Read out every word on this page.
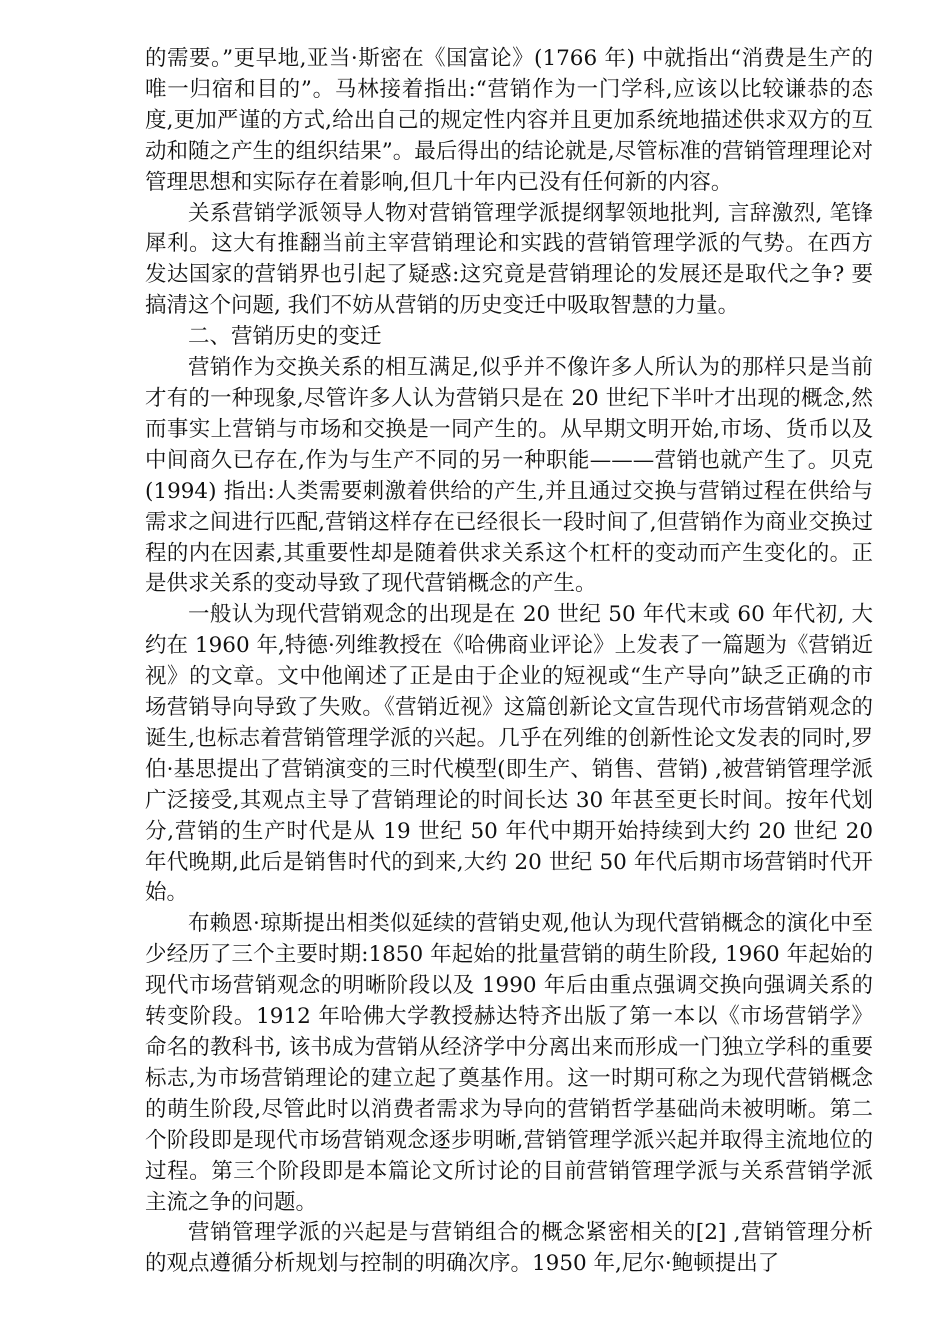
的需要。”更早地,亚当·斯密在《国富论》(1766 年) 中就指出“消费是生产的唯一归宿和目的”。马林接着指出:“营销作为一门学科,应该以比较谦恭的态度,更加严谨的方式,给出自己的规定性内容并且更加系统地描述供求双方的互动和随之产生的组织结果”。最后得出的结论就是,尽管标准的营销管理理论对管理思想和实际存在着影响,但几十年内已没有任何新的内容。

关系营销学派领导人物对营销管理学派提纲挈领地批判, 言辞激烈, 笔锋犀利。这大有推翻当前主宰营销理论和实践的营销管理学派的气势。在西方发达国家的营销界也引起了疑惑:这究竟是营销理论的发展还是取代之争? 要搞清这个问题, 我们不妨从营销的历史变迁中吸取智慧的力量。

二、营销历史的变迁

营销作为交换关系的相互满足,似乎并不像许多人所认为的那样只是当前才有的一种现象,尽管许多人认为营销只是在 20 世纪下半叶才出现的概念,然而事实上营销与市场和交换是一同产生的。从早期文明开始,市场、货币以及中间商久已存在,作为与生产不同的另一种职能———营销也就产生了。贝克(1994) 指出:人类需要刺激着供给的产生,并且通过交换与营销过程在供给与需求之间进行匹配,营销这样存在已经很长一段时间了,但营销作为商业交换过程的内在因素,其重要性却是随着供求关系这个杠杆的变动而产生变化的。正是供求关系的变动导致了现代营销概念的产生。

一般认为现代营销观念的出现是在 20 世纪 50 年代末或 60 年代初, 大约在 1960 年,特德·列维教授在《哈佛商业评论》上发表了一篇题为《营销近视》的文章。文中他阐述了正是由于企业的短视或“生产导向”缺乏正确的市场营销导向导致了失败。《营销近视》这篇创新论文宣告现代市场营销观念的诞生,也标志着营销管理学派的兴起。几乎在列维的创新性论文发表的同时,罗伯·基思提出了营销演变的三时代模型(即生产、销售、营销) ,被营销管理学派广泛接受,其观点主导了营销理论的时间长达 30 年甚至更长时间。按年代划分,营销的生产时代是从 19 世纪 50 年代中期开始持续到大约 20 世纪 20 年代晚期,此后是销售时代的到来,大约 20 世纪 50 年代后期市场营销时代开始。

布赖恩·琼斯提出相类似延续的营销史观,他认为现代营销概念的演化中至少经历了三个主要时期:1850 年起始的批量营销的萌生阶段, 1960 年起始的现代市场营销观念的明晰阶段以及 1990 年后由重点强调交换向强调关系的转变阶段。1912 年哈佛大学教授赫达特齐出版了第一本以《市场营销学》命名的教科书, 该书成为营销从经济学中分离出来而形成一门独立学科的重要标志,为市场营销理论的建立起了奠基作用。这一时期可称之为现代营销概念的萌生阶段,尽管此时以消费者需求为导向的营销哲学基础尚未被明晰。第二个阶段即是现代市场营销观念逐步明晰,营销管理学派兴起并取得主流地位的过程。第三个阶段即是本篇论文所讨论的目前营销管理学派与关系营销学派主流之争的问题。

营销管理学派的兴起是与营销组合的概念紧密相关的[2] ,营销管理分析的观点遵循分析规划与控制的明确次序。1950 年,尼尔·鲍顿提出了
